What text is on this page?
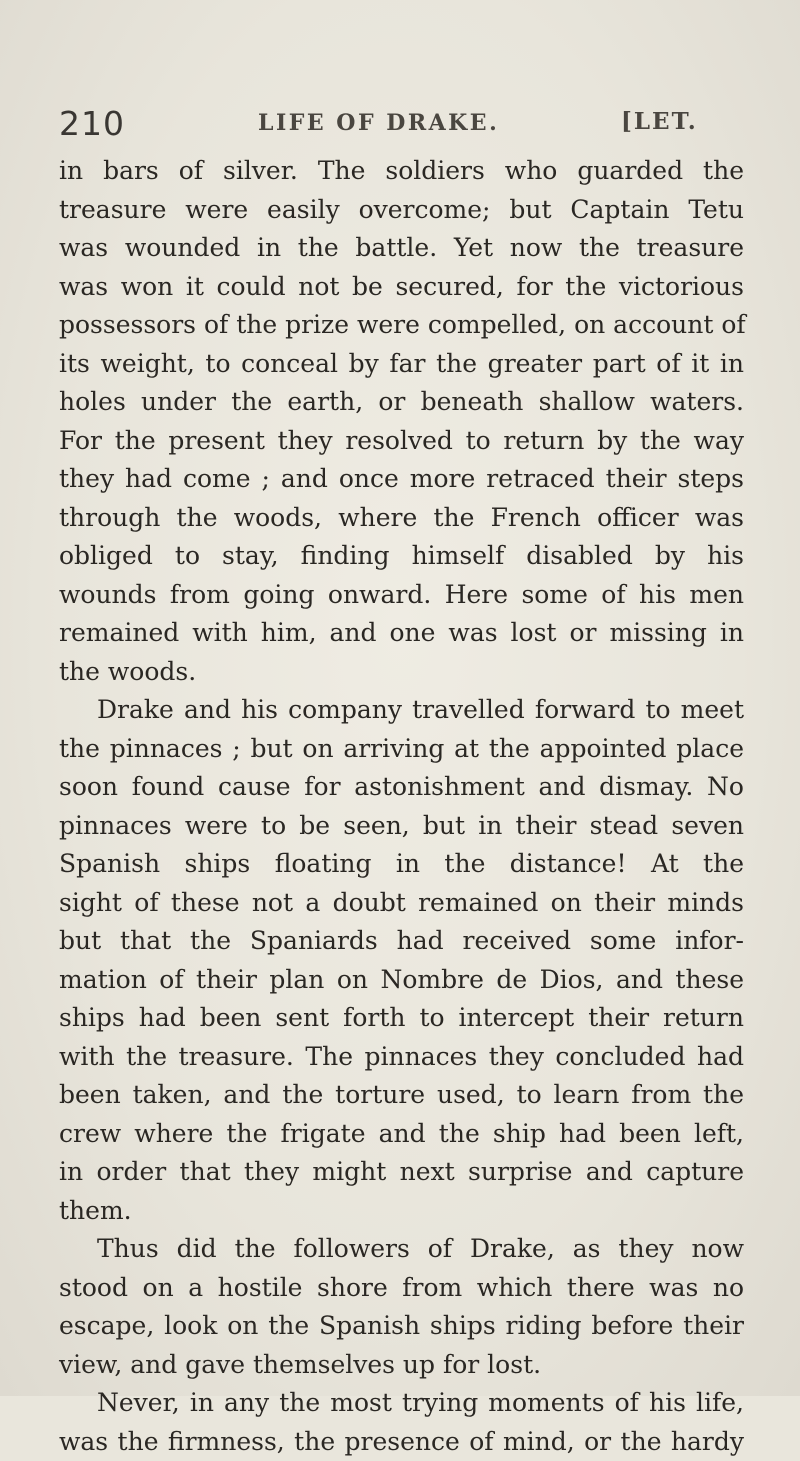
210	LIFE OF DRAKE.	[LET.
in bars of silver. The soldiers who guarded the
treasure were easily overcome; but Captain Tetu
was wounded in the battle. Yet now the treasure
was won it could not be secured, for the victorious
possessors of the prize were compelled, on account of
its weight, to conceal by far the greater part of it in
holes under the earth, or beneath shallow waters.
For the present they resolved to return by the way
they had come ; and once more retraced their steps
through the woods, where the French officer was
obliged to stay, finding himself disabled by his
wounds from going onward. Here some of his men
remained with him, and one was lost or missing in
the woods.
Drake and his company travelled forward to meet
the pinnaces ; but on arriving at the appointed place
soon found cause for astonishment and dismay. No
pinnaces were to be seen, but in their stead seven
Spanish ships floating in the distance! At the
sight of these not a doubt remained on their minds
but that the Spaniards had received some infor-
mation of their plan on Nombre de Dios, and these
ships had been sent forth to intercept their return
with the treasure. The pinnaces they concluded had
been taken, and the torture used, to learn from the
crew where the frigate and the ship had been left,
in order that they might next surprise and capture
them.
Thus did the followers of Drake, as they now
stood on a hostile shore from which there was no
escape, look on the Spanish ships riding before their
view, and gave themselves up for lost.
Never, in any the most trying moments of his life,
was the firmness, the presence of mind, or the hardy
